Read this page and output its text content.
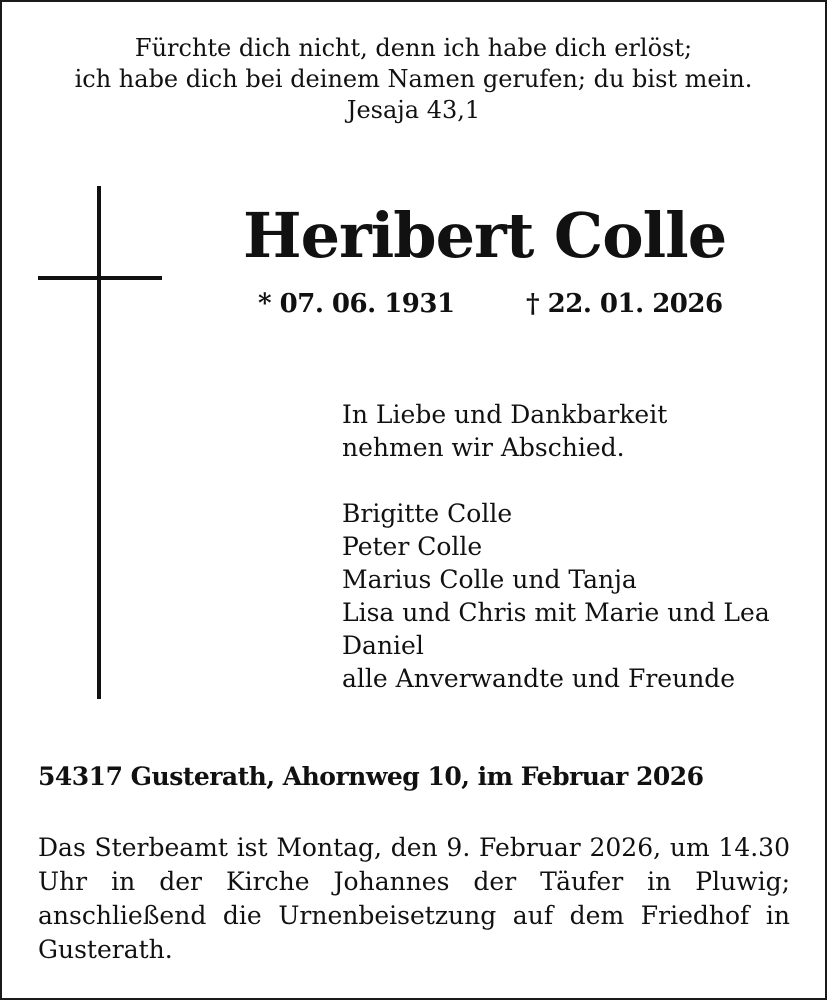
Fürchte dich nicht, denn ich habe dich erlöst;
ich habe dich bei deinem Namen gerufen; du bist mein.
Jesaja 43,1
Heribert Colle
* 07. 06. 1931	† 22. 01. 2026
In Liebe und Dankbarkeit
nehmen wir Abschied.
Brigitte Colle
Peter Colle
Marius Colle und Tanja
Lisa und Chris mit Marie und Lea
Daniel
alle Anverwandte und Freunde
54317 Gusterath, Ahornweg 10, im Februar 2026
Das Sterbeamt ist Montag, den 9. Februar 2026, um 14.30 Uhr in der Kirche Johannes der Täufer in Pluwig; anschließend die Urnenbeisetzung auf dem Friedhof in Gusterath.
